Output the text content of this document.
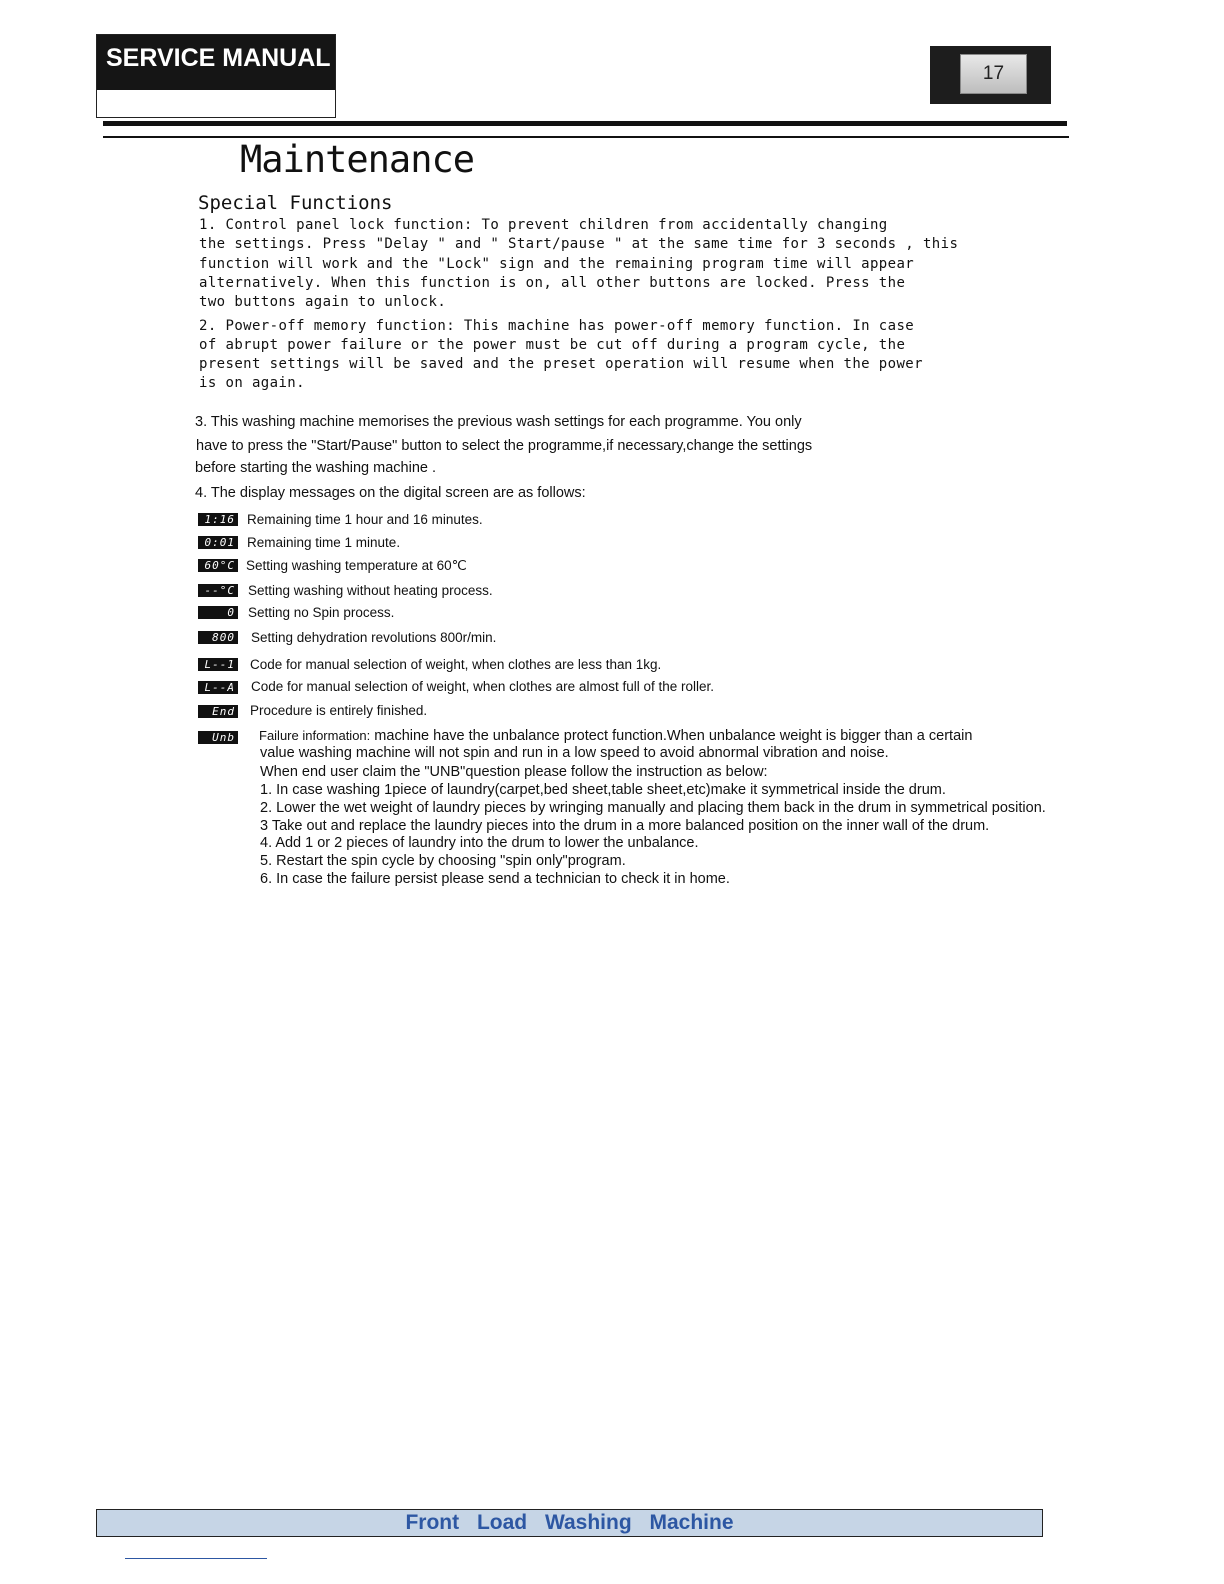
SERVICE MANUAL
17
Maintenance
Special Functions
1. Control panel lock function: To prevent children from accidentally changing
the settings. Press "Delay " and " Start/pause " at the same time for 3 seconds , this
function will work and the "Lock" sign and the remaining program time will appear
alternatively. When this function is on, all other buttons are locked. Press the
two buttons again to unlock.
2. Power-off memory function: This machine has power-off memory function. In case
of abrupt power failure or the power must be cut off during a program cycle, the
present settings will be saved and the preset operation will resume when the power
is on again.
3. This washing machine memorises the previous wash settings for each programme. You only
have to press the "Start/Pause" button to select the programme,if necessary,change the settings
before starting the washing machine .
4. The display messages on the digital screen are as follows:
1:16 Remaining time 1 hour and 16 minutes.
0:01 Remaining time 1 minute.
60°C Setting washing temperature at 60℃
--°C Setting washing without heating process.
0 Setting no Spin process.
800 Setting dehydration revolutions 800r/min.
L--1 Code for manual selection of weight, when clothes are less than 1kg.
L--A Code for manual selection of weight, when clothes are almost full of the roller.
End Procedure is entirely finished.
Unb Failure information: machine have the unbalance protect function.When unbalance weight is bigger than a certain
value washing machine will not spin and run in a low speed to avoid abnormal vibration and noise.
When end user claim the "UNB"question please follow the instruction as below:
1. In case washing 1piece of laundry(carpet,bed sheet,table sheet,etc)make it symmetrical inside the drum.
2. Lower the wet weight of laundry pieces by wringing manually and placing them back in the drum in symmetrical position.
3 Take out and replace the laundry pieces into the drum in a more balanced position on the inner wall of the drum.
4. Add 1 or 2 pieces of laundry into the drum to lower the unbalance.
5. Restart the spin cycle by choosing "spin only"program.
6. In case the failure persist please send a technician to check it in home.
Front Load Washing Machine
